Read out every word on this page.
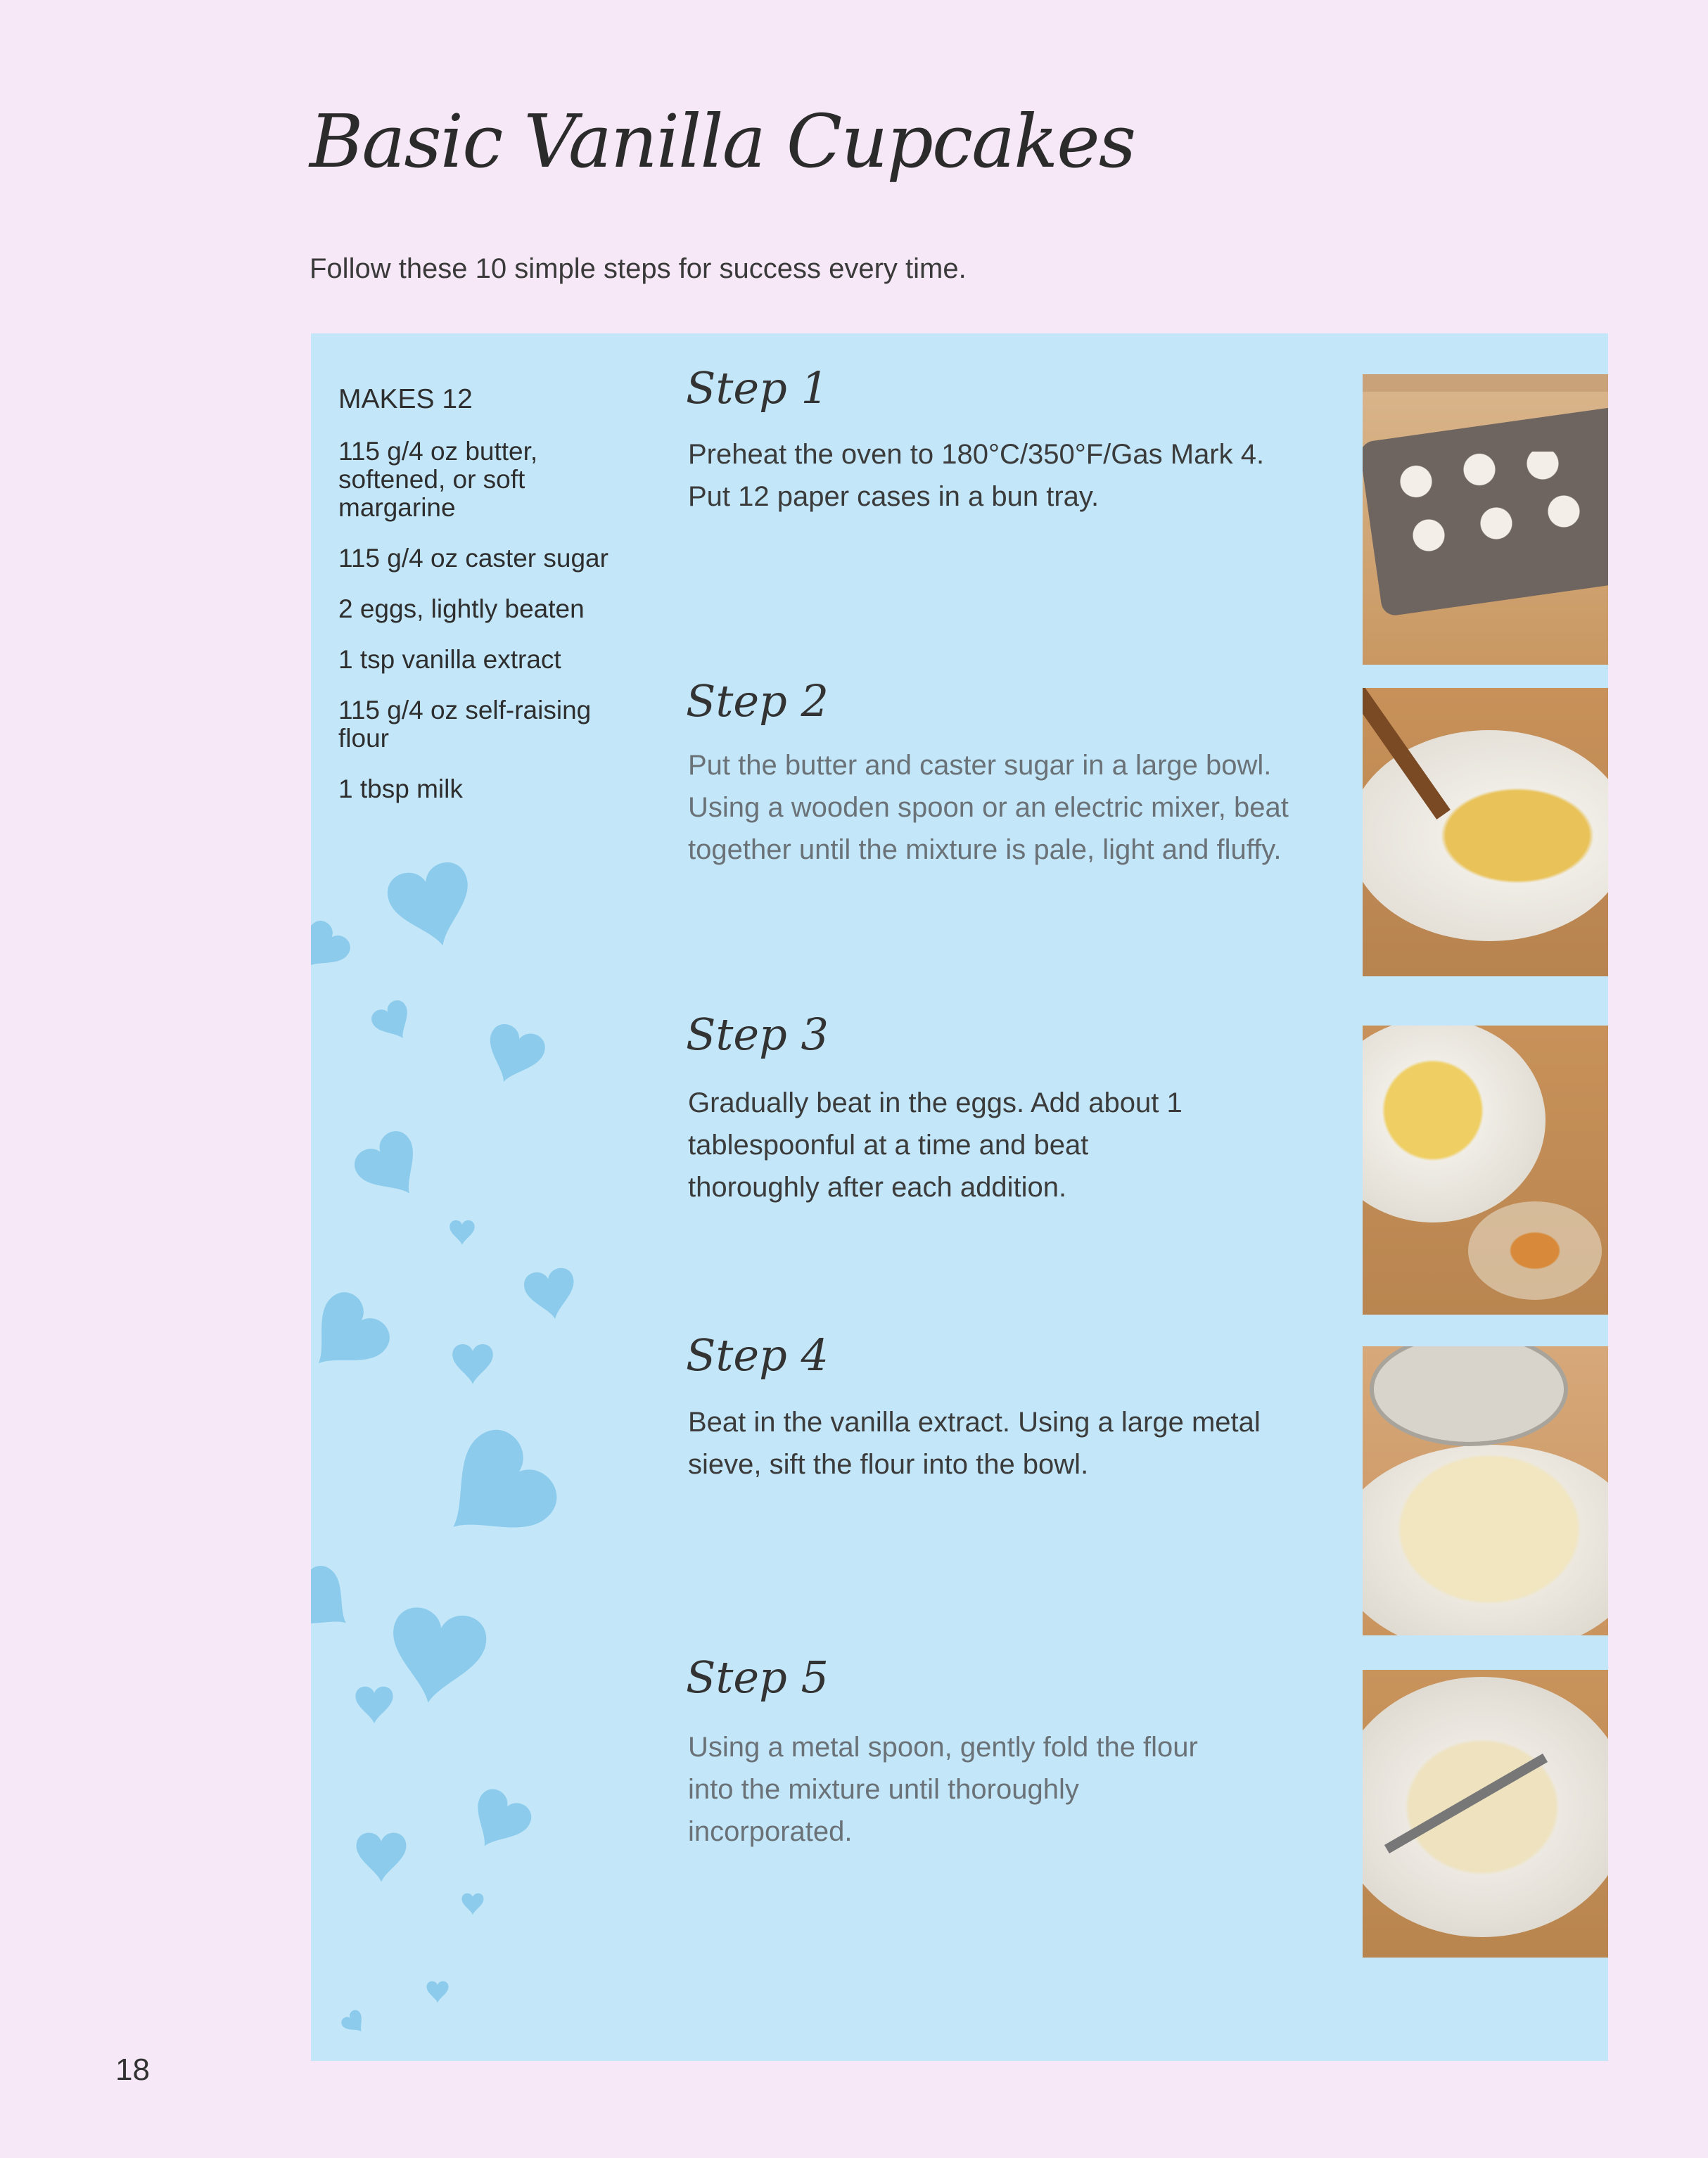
Basic Vanilla Cupcakes
Follow these 10 simple steps for success every time.
MAKES 12
115 g/4 oz butter, softened, or soft margarine
115 g/4 oz caster sugar
2 eggs, lightly beaten
1 tsp vanilla extract
115 g/4 oz self-raising flour
1 tbsp milk
Step 1
Preheat the oven to 180°C/350°F/Gas Mark 4. Put 12 paper cases in a bun tray.
Step 2
Put the butter and caster sugar in a large bowl. Using a wooden spoon or an electric mixer, beat together until the mixture is pale, light and fluffy.
Step 3
Gradually beat in the eggs. Add about 1 tablespoonful at a time and beat thoroughly after each addition.
Step 4
Beat in the vanilla extract. Using a large metal sieve, sift the flour into the bowl.
Step 5
Using a metal spoon, gently fold the flour into the mixture until thoroughly incorporated.
18
